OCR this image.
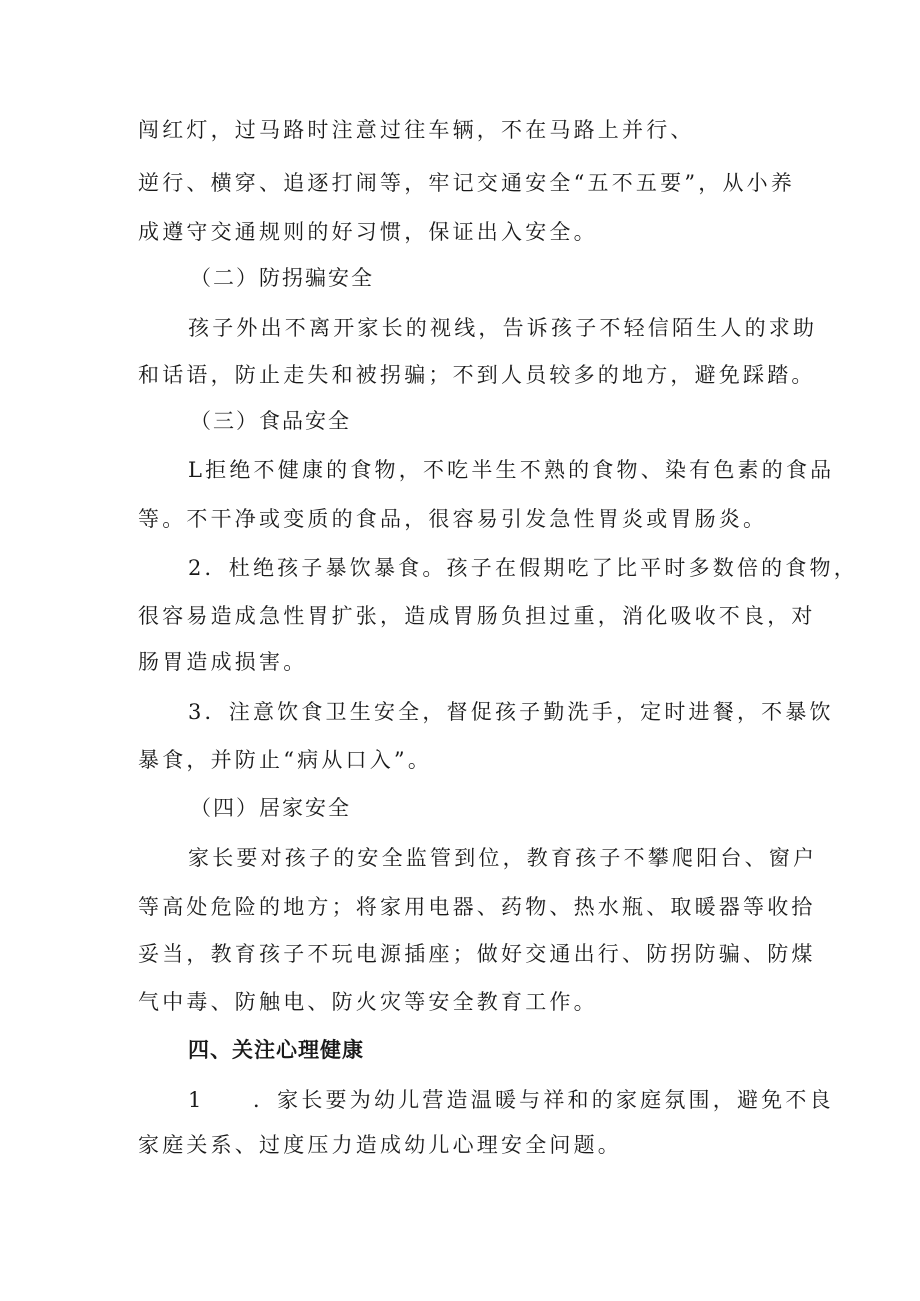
闯红灯，过马路时注意过往车辆，不在马路上并行、
逆行、横穿、追逐打闹等，牢记交通安全“五不五要”，从小养
成遵守交通规则的好习惯，保证出入安全。
（二）防拐骗安全
孩子外出不离开家长的视线，告诉孩子不轻信陌生人的求助
和话语，防止走失和被拐骗；不到人员较多的地方，避免踩踏。
（三）食品安全
L拒绝不健康的食物，不吃半生不熟的食物、染有色素的食品
等。不干净或变质的食品，很容易引发急性胃炎或胃肠炎。
2．杜绝孩子暴饮暴食。孩子在假期吃了比平时多数倍的食物，
很容易造成急性胃扩张，造成胃肠负担过重，消化吸收不良，对
肠胃造成损害。
3．注意饮食卫生安全，督促孩子勤洗手，定时进餐，不暴饮
暴食，并防止“病从口入”。
（四）居家安全
家长要对孩子的安全监管到位，教育孩子不攀爬阳台、窗户
等高处危险的地方；将家用电器、药物、热水瓶、取暖器等收拾
妥当，教育孩子不玩电源插座；做好交通出行、防拐防骗、防煤
气中毒、防触电、防火灾等安全教育工作。
四、关注心理健康
1　　．家长要为幼儿营造温暖与祥和的家庭氛围，避免不良
家庭关系、过度压力造成幼儿心理安全问题。
